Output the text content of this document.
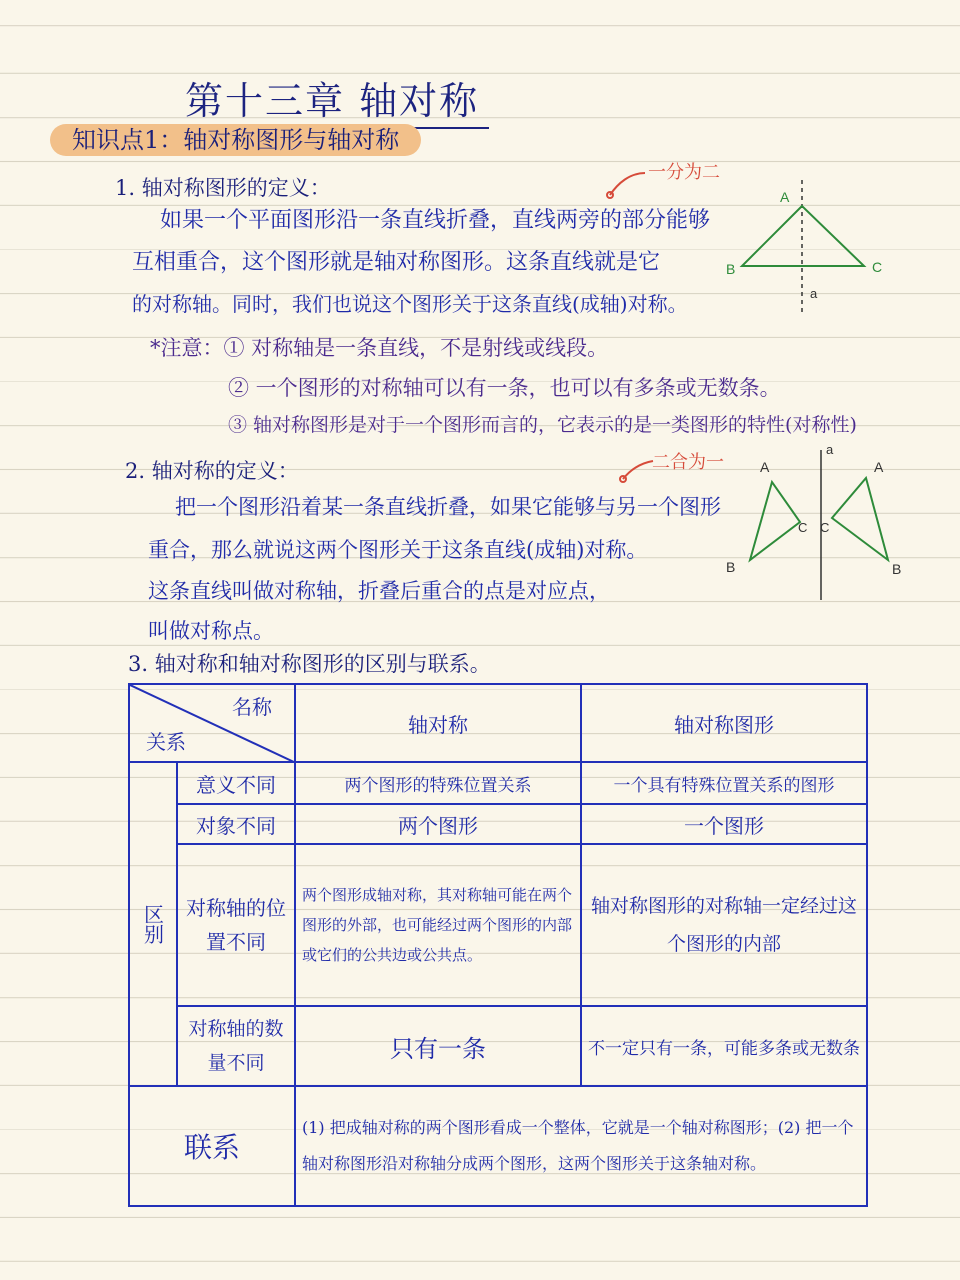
第十三章 轴对称
知识点1：轴对称图形与轴对称
1. 轴对称图形的定义：
如果一个平面图形沿一条直线折叠，直线两旁的部分能够
互相重合，这个图形就是轴对称图形。这条直线就是它
的对称轴。同时，我们也说这个图形关于这条直线(成轴)对称。
一分为二
*注意：① 对称轴是一条直线，不是射线或线段。
② 一个图形的对称轴可以有一条，也可以有多条或无数条。
③ 轴对称图形是对于一个图形而言的，它表示的是一类图形的特性(对称性)
A
B	C
a
2. 轴对称的定义：	二合为一
把一个图形沿着某一条直线折叠，如果它能够与另一个图形
重合，那么就说这两个图形关于这条直线(成轴)对称。
这条直线叫做对称轴，折叠后重合的点是对应点，
叫做对称点。
A	A
B	B
C C
a
3. 轴对称和轴对称图形的区别与联系。
名称
关系		轴对称	轴对称图形
区别	意义不同	两个图形的特殊位置关系	一个具有特殊位置关系的图形
	对象不同	两个图形	一个图形
	对称轴的位置不同	两个图形成轴对称，其对称轴可能在两个图形的外部，也可能经过两个图形的内部或它们的公共边或公共点。	轴对称图形的对称轴一定经过这个图形的内部
	对称轴的数量不同	只有一条	不一定只有一条，可能多条或无数条
联系		(1) 把成轴对称的两个图形看成一个整体，它就是一个轴对称图形；(2) 把一个轴对称图形沿对称轴分成两个图形，这两个图形关于这条轴对称。	
